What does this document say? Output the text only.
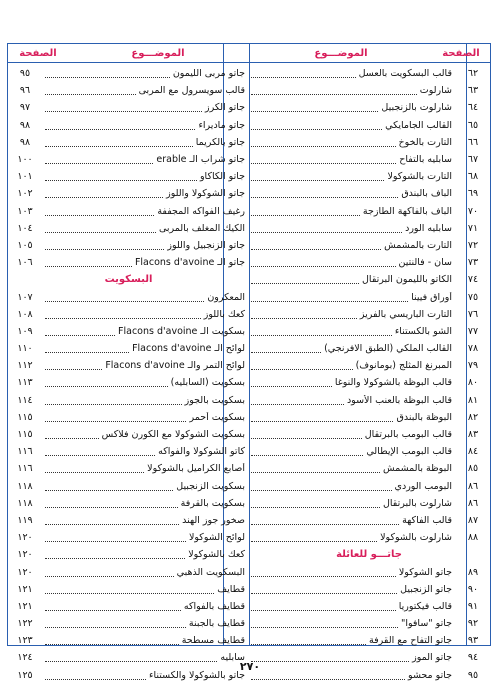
الصفحة
الموضـــوع
٦٢
قالب البسكويت بالعسل
٦٣
شارلوت
٦٤
شارلوت بالزنجبيل
٦٥
القالب الجامايكي
٦٦
التارت بالخوخ
٦٧
سابليه بالتفاح
٦٨
التارت بالشوكولا
٦٩
الباف بالبندق
٧٠
الباف بالفاكهة الطازجة
٧١
سابليه الورد
٧٢
التارت بالمشمش
٧٣
سان - فالنتين
٧٤
الكاتو بالليمون البرتقال
٧٥
أوراق فيينا
٧٦
التارت الباريسي بالفريز
٧٧
الشو بالكستناء
٧٨
القالب الملكي (الطبق الافرنجي)
٧٩
المبرنغ المثلج (بومانوف)
٨٠
قالب البوظة بالشوكولا والنوغا
٨١
قالب البوظة بالعنب الأسود
٨٢
البوظة بالبندق
٨٣
قالب البومب بالبرتقال
٨٤
قالب البومب الإيطالي
٨٥
البوظة بالمشمش
٨٦
البومب الوردي
٨٦
شارلوت بالبرتقال
٨٧
قالب الفاكهة
٨٨
شارلوت بالشوكولا
جاتـــو للعائلة
٨٩
جاتو الشوكولا
٩٠
جاتو الزنجبيل
٩١
قالب فيكتوريا
٩٢
جاتو "سافوا"
٩٣
جاتو التفاح مع القرفة
٩٤
جاتو الموز
٩٥
جاتو محشو
الموضـــوع
الصفحة
جاتو مربى الليمون
٩٥
قالب سويسرول مع المربى
٩٦
جاتو الكرز
٩٧
جاتو ماديراء
٩٨
جاتو بالكريما
٩٨
جاتو شراب الـ erable
١٠٠
جاتو الكاكاو
١٠١
جاتو الشوكولا واللوز
١٠٢
رغيف الفواكه المجففة
١٠٣
الكيك المغلف بالمربى
١٠٤
جاتو الزنجبيل واللوز
١٠٥
جاتو الـ Flacons d'avoine
١٠٦
البسكويت
المعكرون
١٠٧
كعك باللوز
١٠٨
بسكويت الـ Flacons d'avoine
١٠٩
لوائح الـ Flacons d'avoine
١١٠
لوائح التمر والـ Flacons d'avoine
١١٢
بسكويت (السابليه)
١١٣
بسكويت بالجوز
١١٤
بسكويت أحمر
١١٥
بسكويت الشوكولا مع الكورن فلاكس
١١٥
كاتو الشوكولا والفواكه
١١٦
أصابع الكراميل بالشوكولا
١١٦
بسكويت الزنجبيل
١١٨
بسكويت بالقرفة
١١٨
صخور جوز الهند
١١٩
لوائح الشوكولا
١٢٠
كعك بالشوكولا
١٢٠
البسكويت الذهبي
١٢٠
قطايف
١٢١
قطايف بالفواكه
١٢١
قطايف بالجبنة
١٢٢
قطايف مسطحة
١٢٣
سابليه
١٢٤
جاتو بالشوكولا والكستناء
١٢٥
٢٧٠
